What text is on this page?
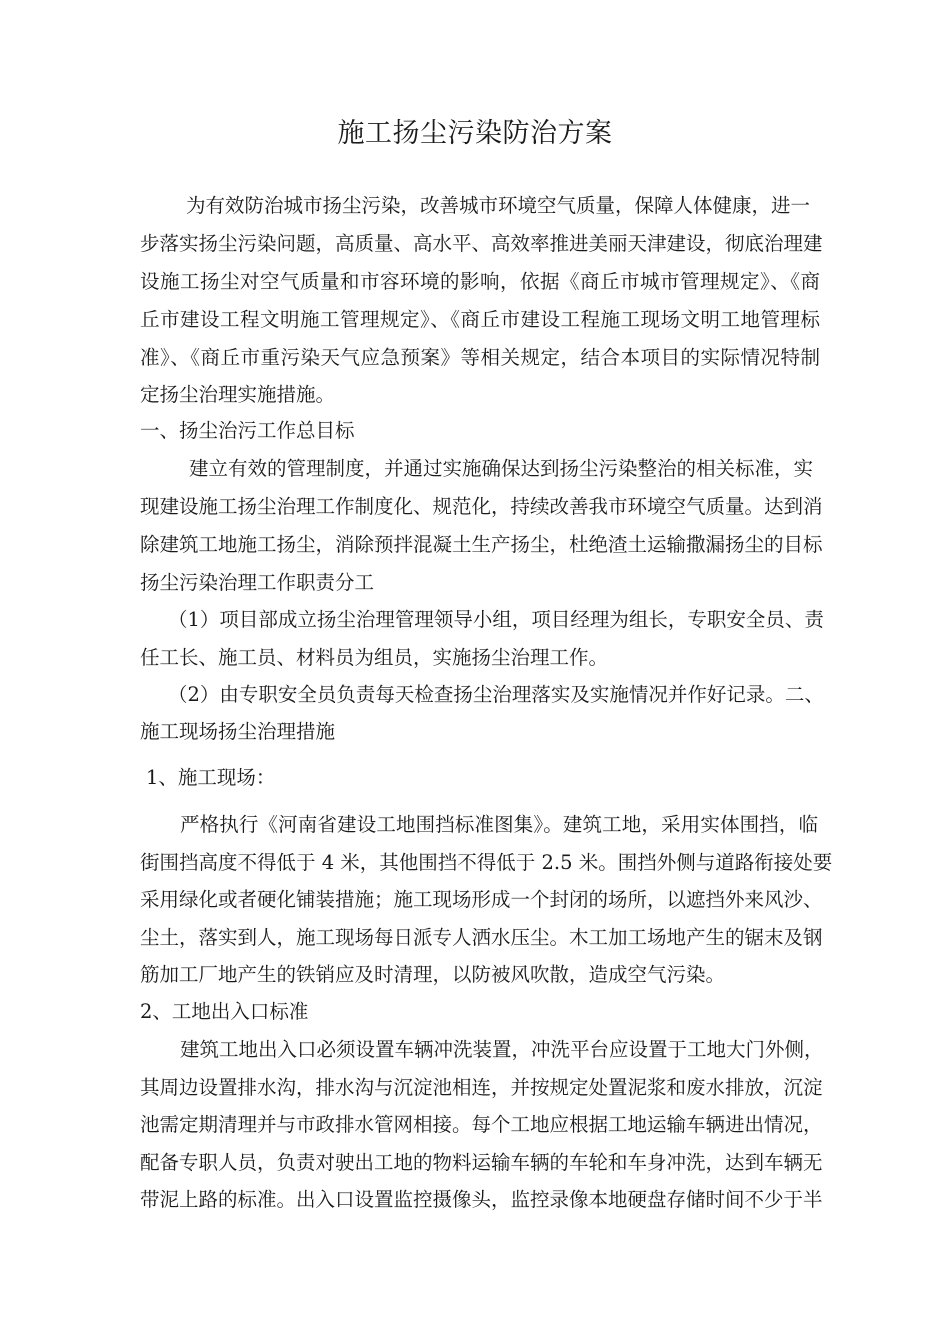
施工扬尘污染防治方案
为有效防治城市扬尘污染，改善城市环境空气质量，保障人体健康，进一
步落实扬尘污染问题，高质量、高水平、高效率推进美丽天津建设，彻底治理建
设施工扬尘对空气质量和市容环境的影响，依据《商丘市城市管理规定》、《商
丘市建设工程文明施工管理规定》、《商丘市建设工程施工现场文明工地管理标
准》、《商丘市重污染天气应急预案》等相关规定，结合本项目的实际情况特制
定扬尘治理实施措施。
一、扬尘治污工作总目标
建立有效的管理制度，并通过实施确保达到扬尘污染整治的相关标准，实
现建设施工扬尘治理工作制度化、规范化，持续改善我市环境空气质量。达到消
除建筑工地施工扬尘，消除预拌混凝土生产扬尘，杜绝渣土运输撒漏扬尘的目标
扬尘污染治理工作职责分工
（1）项目部成立扬尘治理管理领导小组，项目经理为组长，专职安全员、责
任工长、施工员、材料员为组员，实施扬尘治理工作。
（2）由专职安全员负责每天检查扬尘治理落实及实施情况并作好记录。二、
施工现场扬尘治理措施
1、施工现场：
严格执行《河南省建设工地围挡标准图集》。建筑工地，采用实体围挡，临
街围挡高度不得低于 4 米，其他围挡不得低于 2.5 米。围挡外侧与道路衔接处要
采用绿化或者硬化铺装措施；施工现场形成一个封闭的场所，以遮挡外来风沙、
尘土，落实到人，施工现场每日派专人洒水压尘。木工加工场地产生的锯末及钢
筋加工厂地产生的铁销应及时清理，以防被风吹散，造成空气污染。
2、工地出入口标准
建筑工地出入口必须设置车辆冲洗装置，冲洗平台应设置于工地大门外侧，
其周边设置排水沟，排水沟与沉淀池相连，并按规定处置泥浆和废水排放，沉淀
池需定期清理并与市政排水管网相接。每个工地应根据工地运输车辆进出情况，
配备专职人员，负责对驶出工地的物料运输车辆的车轮和车身冲洗，达到车辆无
带泥上路的标准。出入口设置监控摄像头，监控录像本地硬盘存储时间不少于半
